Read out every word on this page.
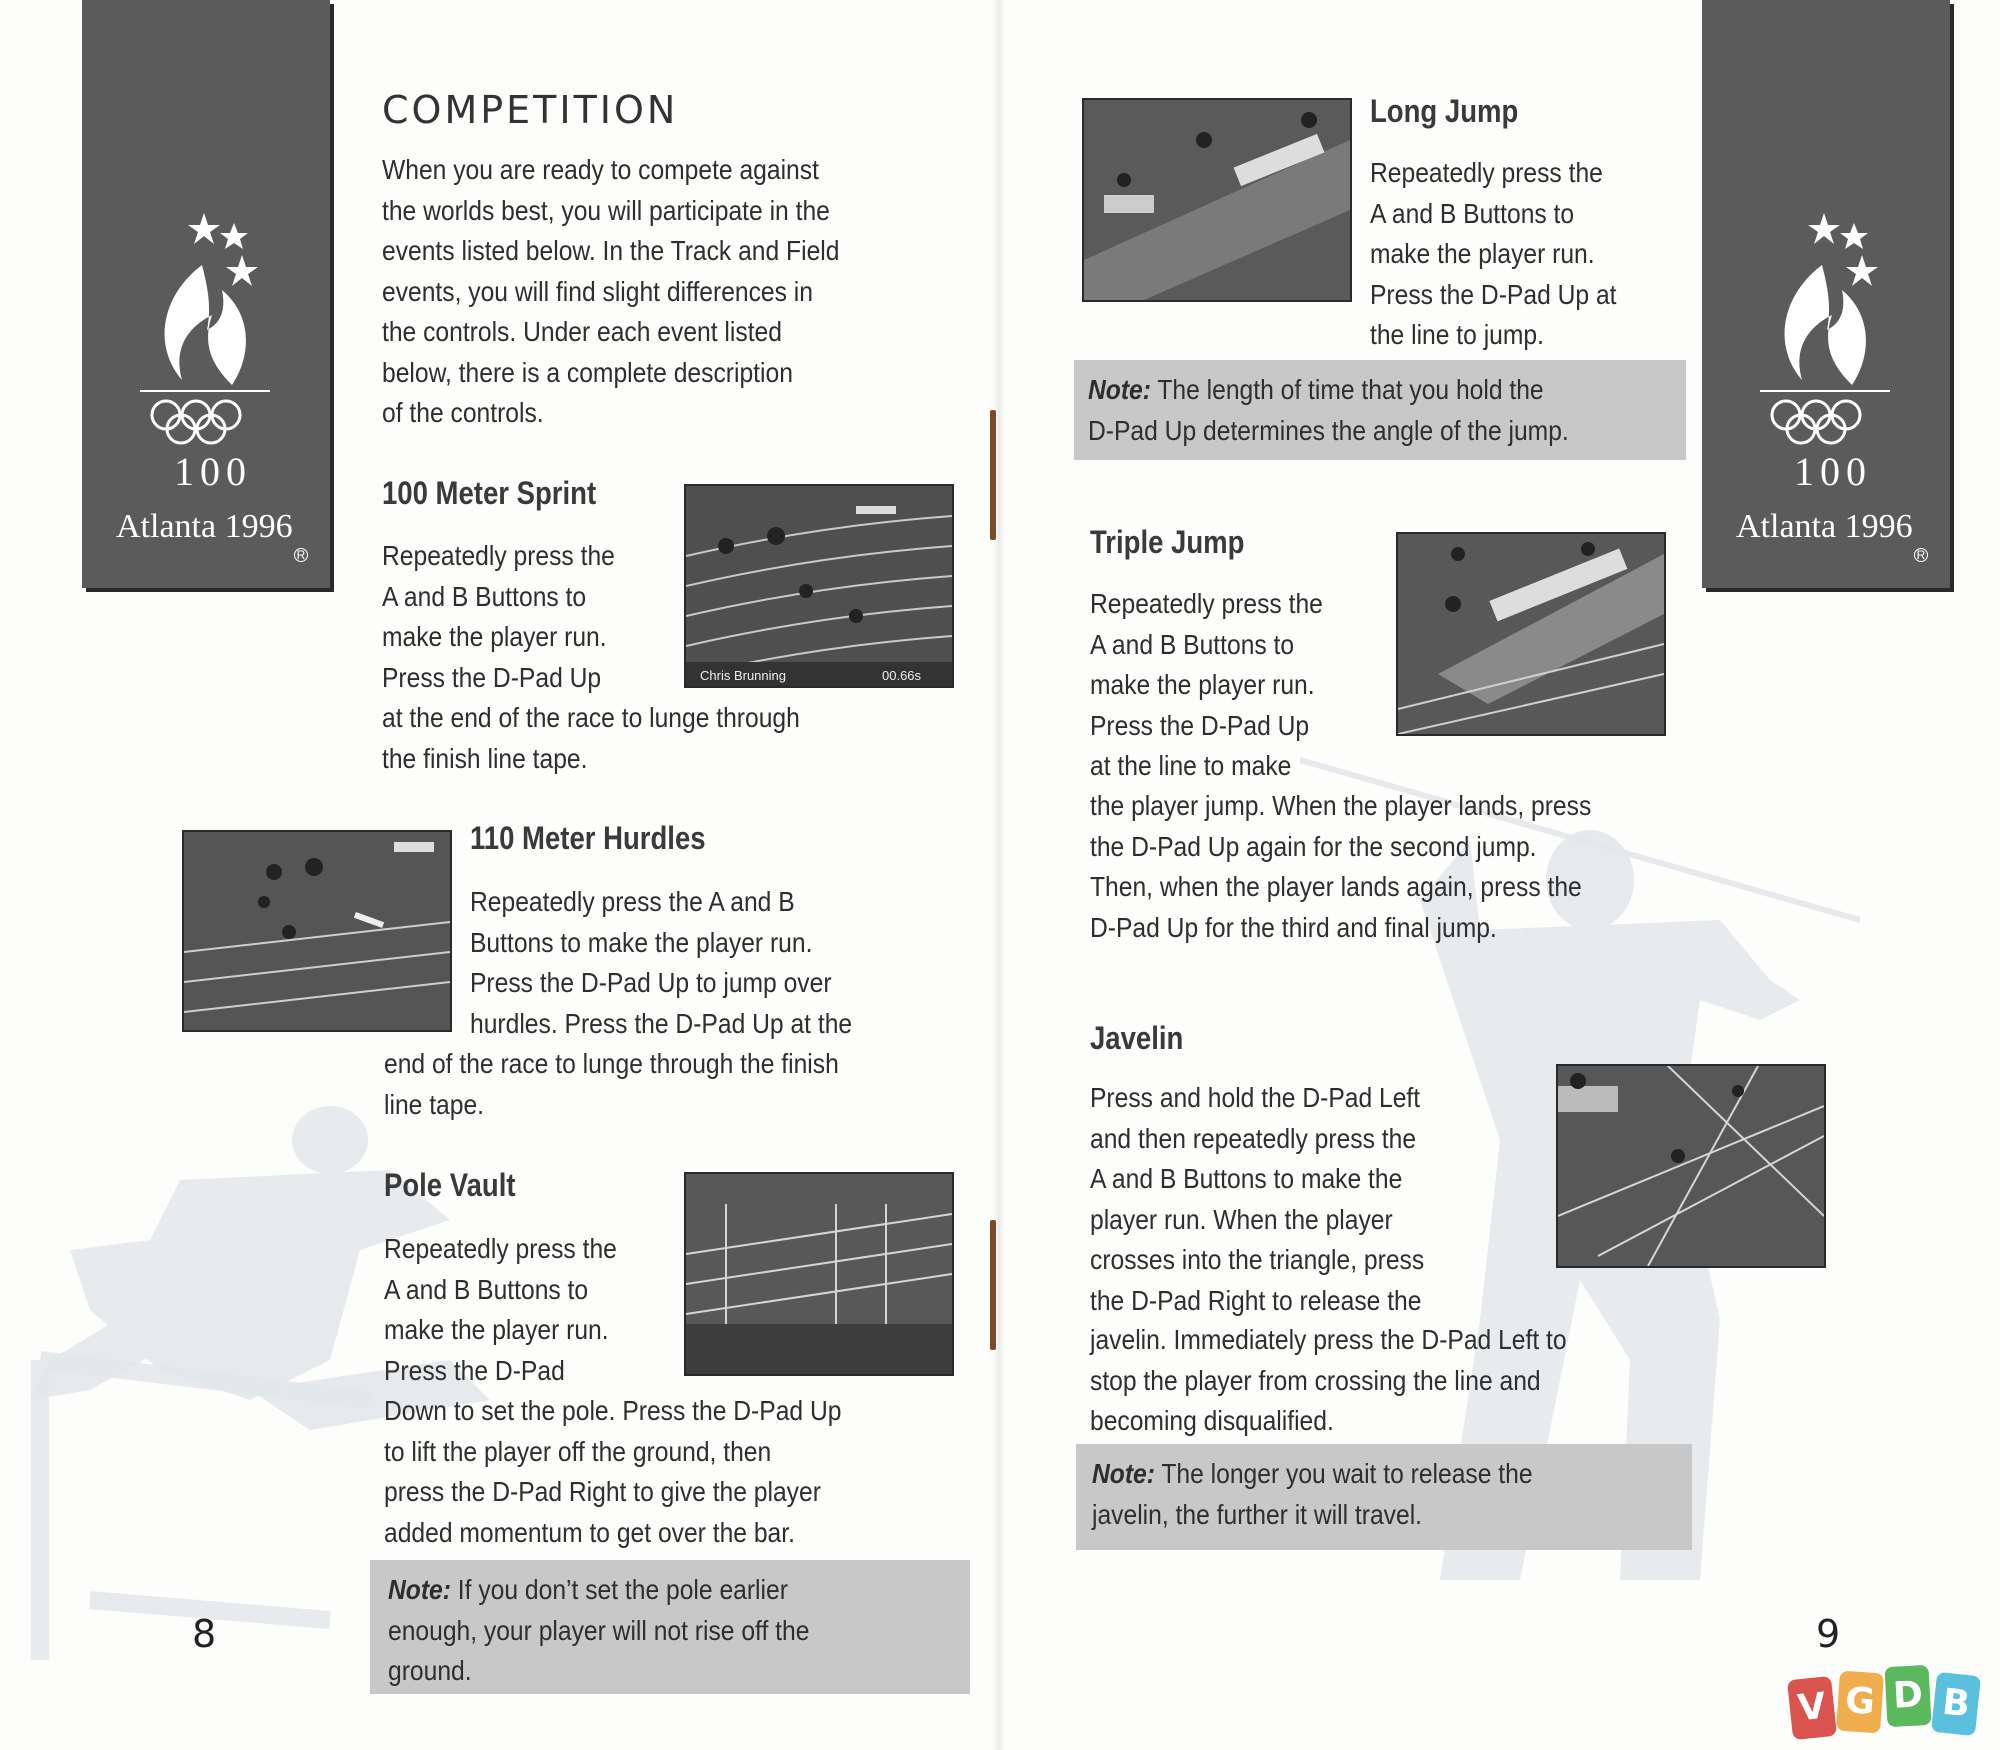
100
Atlanta 1996
R
COMPETITION
When you are ready to compete against
the worlds best, you will participate in the
events listed below. In the Track and Field
events, you will find slight differences in
the controls. Under each event listed
below, there is a complete description
of the controls.
100 Meter Sprint
Repeatedly press the
A and B Buttons to
make the player run.
Press the D-Pad Up
at the end of the race to lunge through
the finish line tape.
Chris Brunning	00.66s
110 Meter Hurdles
Repeatedly press the A and B
Buttons to make the player run.
Press the D-Pad Up to jump over
hurdles. Press the D-Pad Up at the
end of the race to lunge through the finish
line tape.
Pole Vault
Repeatedly press the
A and B Buttons to
make the player run.
Press the D-Pad
Down to set the pole. Press the D-Pad Up
to lift the player off the ground, then
press the D-Pad Right to give the player
added momentum to get over the bar.
Note: If you don’t set the pole earlier
enough, your player will not rise off the
ground.
8
100
Atlanta 1996
R
Long Jump
Repeatedly press the
A and B Buttons to
make the player run.
Press the D-Pad Up at
the line to jump.
Note: The length of time that you hold the
D-Pad Up determines the angle of the jump.
Triple Jump
Repeatedly press the
A and B Buttons to
make the player run.
Press the D-Pad Up
at the line to make
the player jump. When the player lands, press
the D-Pad Up again for the second jump.
Then, when the player lands again, press the
D-Pad Up for the third and final jump.
Javelin
Press and hold the D-Pad Left
and then repeatedly press the
A and B Buttons to make the
player run. When the player
crosses into the triangle, press
the D-Pad Right to release the
javelin. Immediately press the D-Pad Left to
stop the player from crossing the line and
becoming disqualified.
Note: The longer you wait to release the
javelin, the further it will travel.
9
V G D B
